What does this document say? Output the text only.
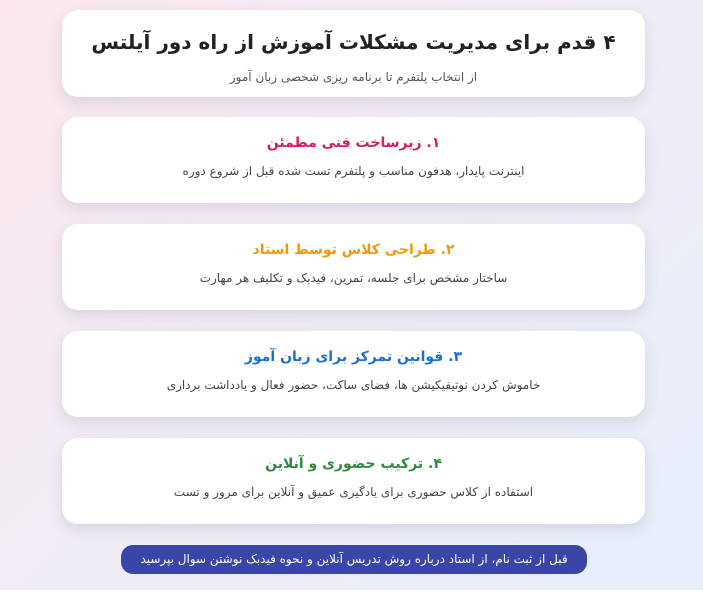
۴ قدم برای مدیریت مشکلات آموزش از راه دور آیلتس

از انتخاب پلتفرم تا برنامه ریزی شخصی زبان آموز

۱. زیرساخت فنی مطمئن

اینترنت پایدار، هدفون مناسب و پلتفرم تست شده قبل از شروع دوره

۲. طراحی کلاس توسط استاد

ساختار مشخص برای جلسه، تمرین، فیدبک و تکلیف هر مهارت

۳. قوانین تمرکز برای زبان آموز

خاموش کردن نوتیفیکیشن ها، فضای ساکت، حضور فعال و یادداشت برداری

۴. ترکیب حضوری و آنلاین

استفاده از کلاس حضوری برای یادگیری عمیق و آنلاین برای مرور و تست

قبل از ثبت نام، از استاد درباره روش تدریس آنلاین و نحوه فیدبک نوشتن سوال بپرسید
